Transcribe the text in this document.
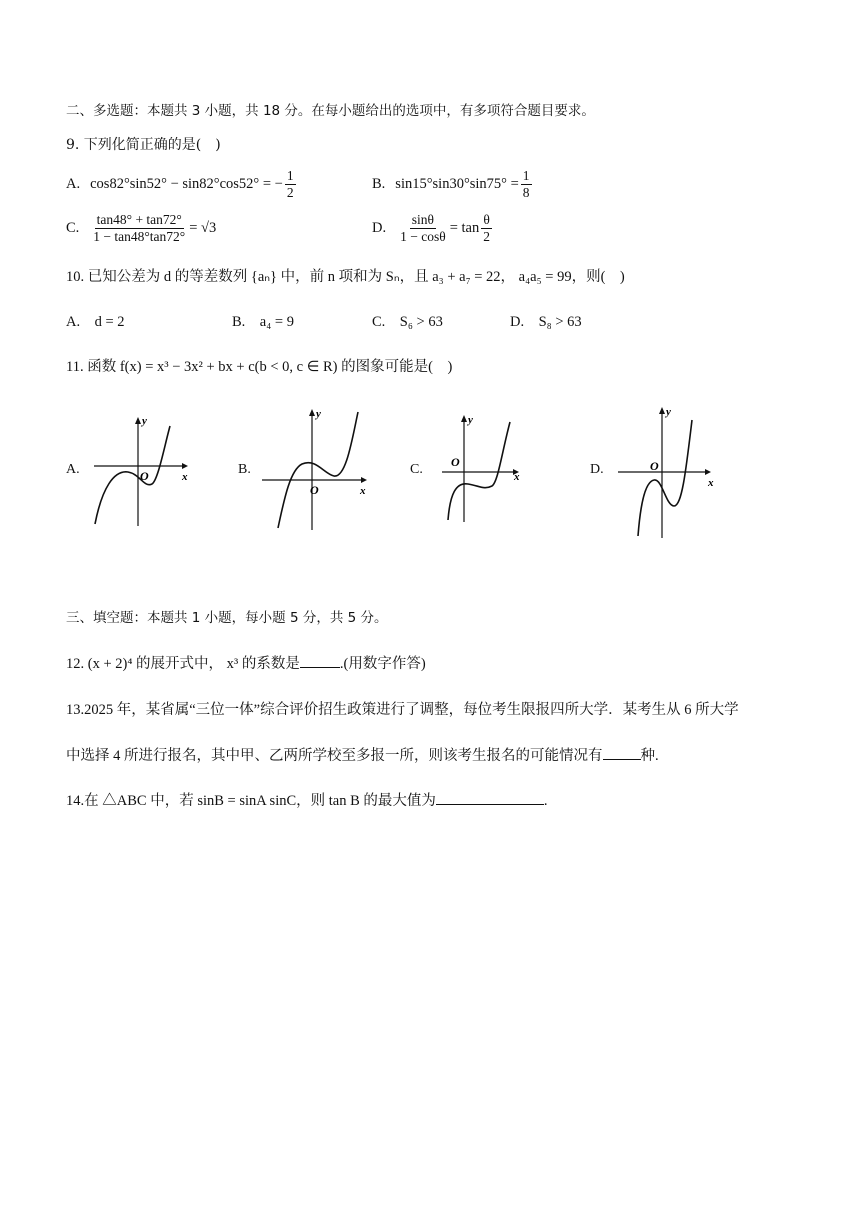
二、多选题：本题共 3 小题，共 18 分。在每小题给出的选项中，有多项符合题目要求。
9. 下列化简正确的是(　)
A. cos82°sin52° − sin82°cos52° = − $\frac{1}{2}$	B. $\sin 15^\circ\sin 30^\circ\sin 75^\circ = \frac{1}{8}$
C. $\frac{\tan 48^\circ + \tan 72^\circ}{1 - \tan 48^\circ\tan 72^\circ} = √3$	D. $\frac{\sin\theta}{1 - \cos\theta} = \tan \frac{\theta}{2}$
10. 已知公差为 d 的等差数列 {aₙ} 中，前 n 项和为 Sₙ，且 a₃ + a₇ = 22， a₄a₅ = 99，则(　)
A.　d = 2	B.　a₄ = 9	C.　S₆ > 63	D.　S₈ > 63
11. 函数 f(x) = x³ − 3x² + bx + c(b < 0, c ∈ R) 的图象可能是(　)
A.	B.	C.	D.
y
x
O
y
x
O
y
x
O
y
x
O
三、填空题：本题共 1 小题，每小题 5 分，共 5 分。
12. (x + 2)⁴ 的展开式中， x³ 的系数是	.(用数字作答)
13.2025 年，某省属“三位一体”综合评价招生政策进行了调整，每位考生限报四所大学．某考生从 6 所大学
中选择 4 所进行报名，其中甲、乙两所学校至多报一所，则该考生报名的可能情况有	种.
14.在 △ABC 中，若 sinB = sinA sinC，则 tan B 的最大值为	.
